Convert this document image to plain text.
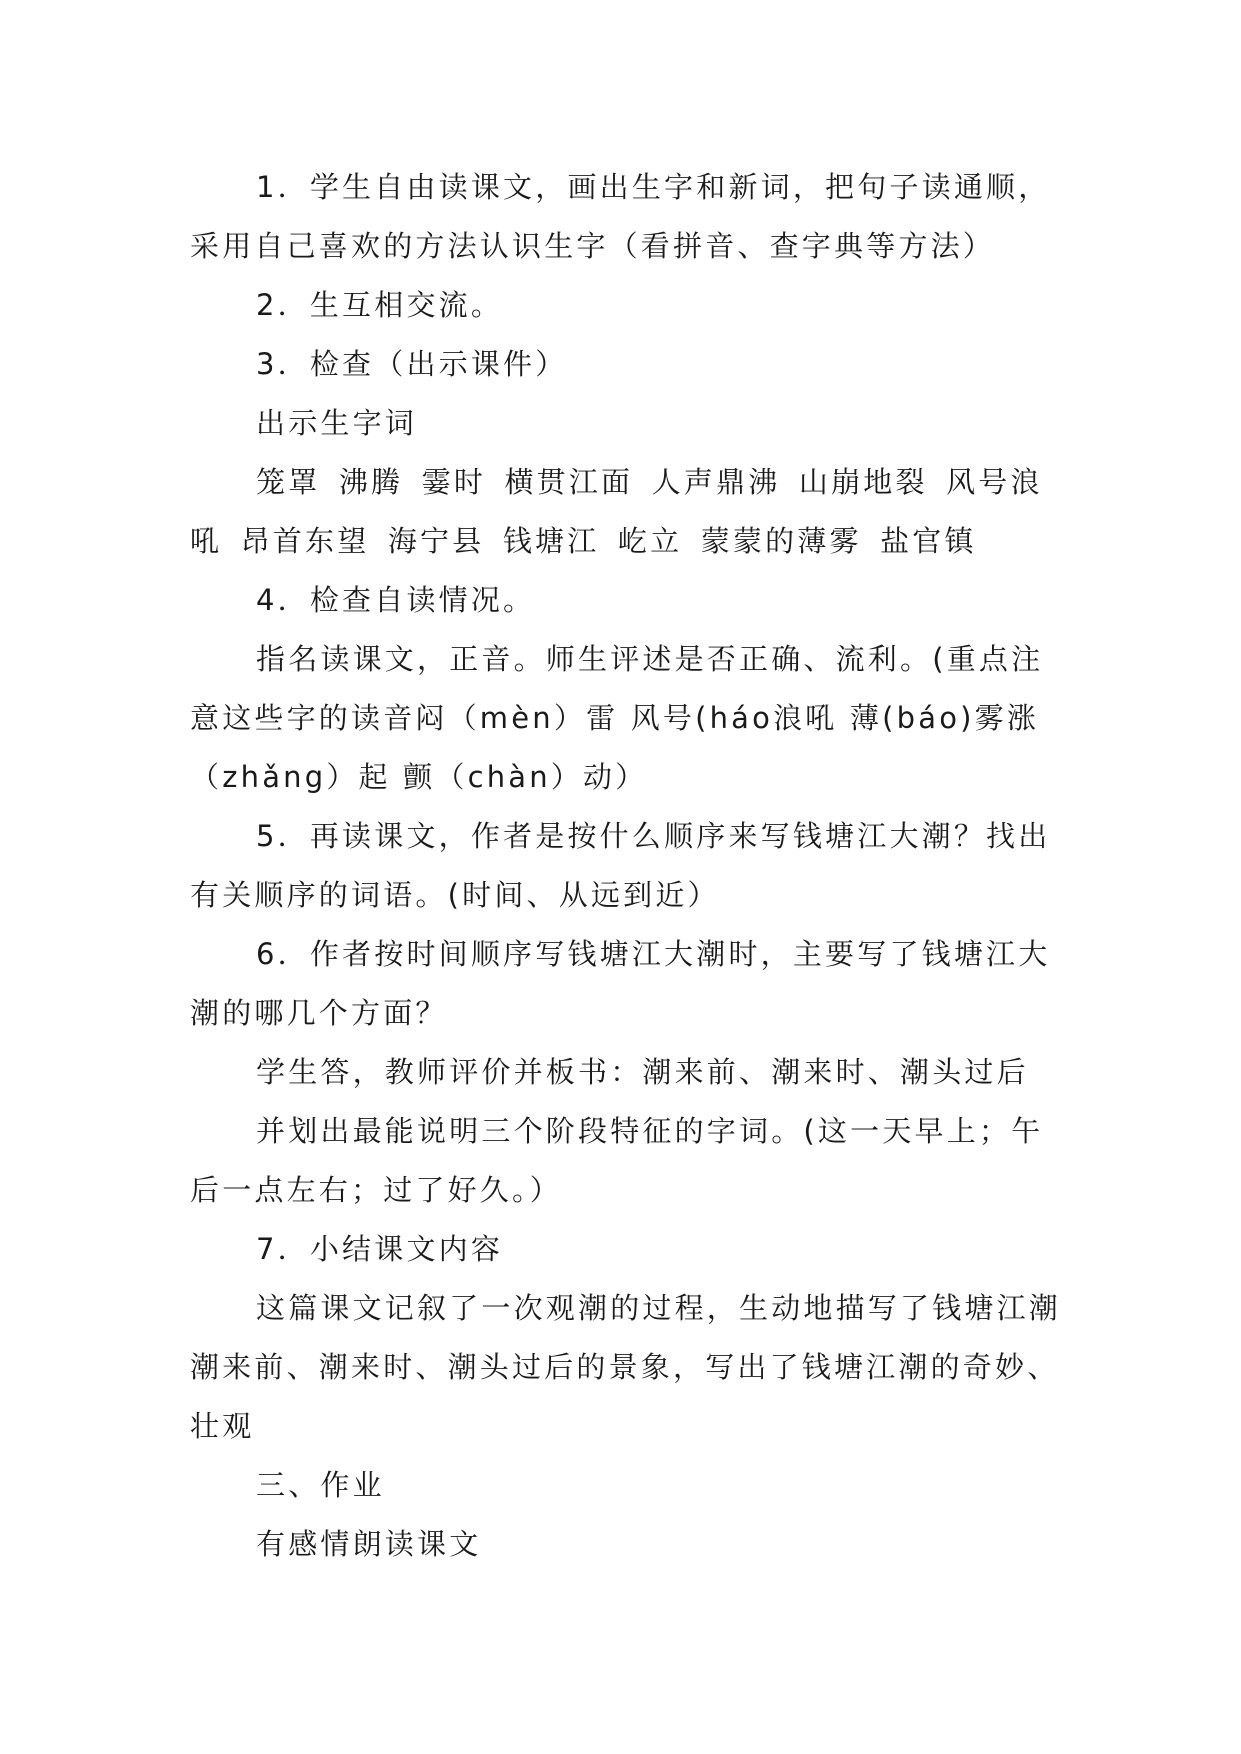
1．学生自由读课文，画出生字和新词，把句子读通顺，采用自己喜欢的方法认识生字（看拼音、查字典等方法）

2．生互相交流。

3．检查（出示课件）

出示生字词

笼罩 沸腾 霎时 横贯江面 人声鼎沸 山崩地裂 风号浪吼 昂首东望 海宁县 钱塘江 屹立 蒙蒙的薄雾 盐官镇

4．检查自读情况。

指名读课文，正音。师生评述是否正确、流利。(重点注意这些字的读音闷（mèn）雷 风号(háo浪吼 薄(báo)雾涨（zhǎng）起 颤（chàn）动）

5．再读课文，作者是按什么顺序来写钱塘江大潮？找出有关顺序的词语。(时间、从远到近）

6．作者按时间顺序写钱塘江大潮时，主要写了钱塘江大潮的哪几个方面？

学生答，教师评价并板书：潮来前、潮来时、潮头过后

并划出最能说明三个阶段特征的字词。(这一天早上；午后一点左右；过了好久。）

7．小结课文内容

这篇课文记叙了一次观潮的过程，生动地描写了钱塘江潮潮来前、潮来时、潮头过后的景象，写出了钱塘江潮的奇妙、壮观

三、作业

有感情朗读课文
